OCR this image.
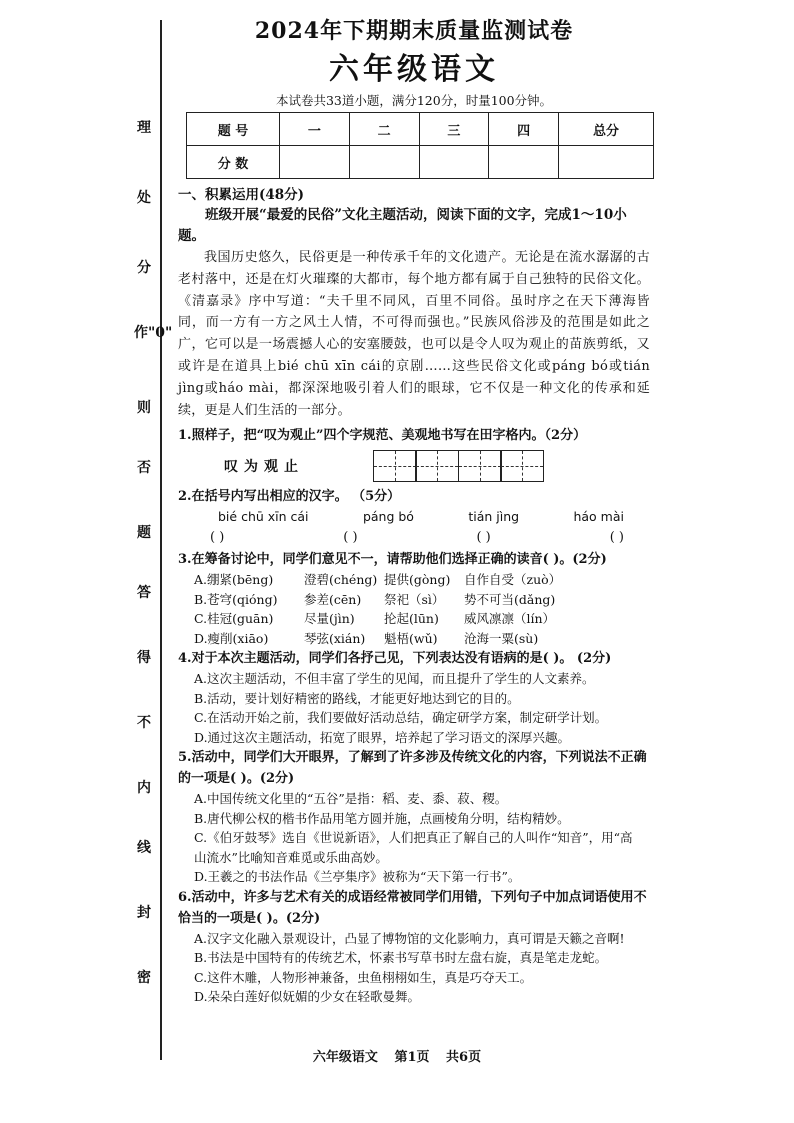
理
处
分
作"0"
则
否
题
答
得
不
内
线
封
密
2024年下期期末质量监测试卷
六年级语文
本试卷共33道小题，满分120分，时量100分钟。
题 号	一	二	三	四	总分
分 数					
一、积累运用(48分)
班级开展“最爱的民俗”文化主题活动，阅读下面的文字，完成1～10小题。
我国历史悠久，民俗更是一种传承千年的文化遗产。无论是在流水潺潺的古老村落中，还是在灯火璀璨的大都市，每个地方都有属于自己独特的民俗文化。《清嘉录》序中写道：“夫千里不同风，百里不同俗。虽时序之在天下薄海皆同，而一方有一方之风土人情，不可得而强也。”民族风俗涉及的范围是如此之广，它可以是一场震撼人心的安塞腰鼓，也可以是令人叹为观止的苗族剪纸，又或许是在道具上bié chū xīn cái的京剧……这些民俗文化或páng bó或tián jìng或háo mài，都深深地吸引着人们的眼球，它不仅是一种文化的传承和延续，更是人们生活的一部分。
1.照样子，把“叹为观止”四个字规范、美观地书写在田字格内。（2分）
叹为观止
2.在括号内写出相应的汉字。 （5分）
bié chū xīn cái	páng bó	tián jìng	háo mài
( )	( )	( )	( )
3.在筹备讨论中，同学们意见不一，请帮助他们选择正确的读音( )。(2分)
A.绷紧(bēng)	澄碧(chéng) 提供(gòng)	自作自受（zuò）
B.苍穹(qióng)	参差(cēn)	祭祀（sì）	势不可当(dǎng)
C.桂冠(guān)	尽量(jìn)	抡起(lūn)	威风凛凛（lín）
D.瘦削(xiāo)	琴弦(xián)	魁梧(wǔ)	沧海一粟(sù)
4.对于本次主题活动，同学们各抒己见，下列表达没有语病的是( )。 (2分)
A.这次主题活动，不但丰富了学生的见闻，而且提升了学生的人文素养。
B.活动，要计划好精密的路线，才能更好地达到它的目的。
C.在活动开始之前，我们要做好活动总结，确定研学方案，制定研学计划。
D.通过这次主题活动，拓宽了眼界，培养起了学习语文的深厚兴趣。
5.活动中，同学们大开眼界，了解到了许多涉及传统文化的内容，下列说法不正确的一项是( )。(2分)
A.中国传统文化里的“五谷”是指：稻、麦、黍、菽、稷。
B.唐代柳公权的楷书作品用笔方圆并施，点画棱角分明，结构精妙。
C.《伯牙鼓琴》选自《世说新语》，人们把真正了解自己的人叫作“知音”，用“高山流水”比喻知音难觅或乐曲高妙。
D.王羲之的书法作品《兰亭集序》被称为“天下第一行书”。
6.活动中，许多与艺术有关的成语经常被同学们用错，下列句子中加点词语使用不恰当的一项是( )。(2分)
A.汉字文化融入景观设计，凸显了博物馆的文化影响力，真可谓是天籁之音啊!
B.书法是中国特有的传统艺术，怀素书写草书时左盘右旋，真是笔走龙蛇。
C.这件木雕，人物形神兼备，虫鱼栩栩如生，真是巧夺天工。
D.朵朵白莲好似妩媚的少女在轻歌曼舞。
六年级语文 第1页 共6页
